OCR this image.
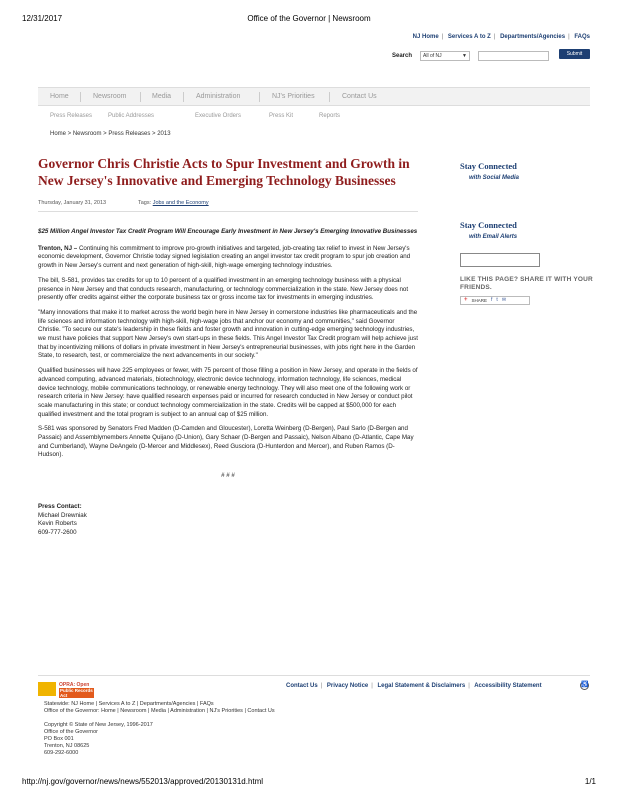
12/31/2017	Office of the Governor | Newsroom
NJ Home | Services A to Z | Departments/Agencies | FAQs
Search	All of NJ	▼	Submit
Home	Newsroom	Media	Administration	NJ's Priorities	Contact Us
Press Releases	Public Addresses	Executive Orders	Press Kit	Reports
Home > Newsroom > Press Releases > 2013
Governor Chris Christie Acts to Spur Investment and Growth in New Jersey's Innovative and Emerging Technology Businesses
Thursday, January 31, 2013	Tags: Jobs and the Economy

$25 Million Angel Investor Tax Credit Program Will Encourage Early Investment in New Jersey's Emerging Innovative Businesses

Trenton, NJ – Continuing his commitment to improve pro-growth initiatives and targeted, job-creating tax relief to invest in New Jersey's economic development, Governor Christie today signed legislation creating an angel investor tax credit program to spur job creation and growth in New Jersey's current and next generation of high-skill, high-wage emerging technology industries.

The bill, S-581, provides tax credits for up to 10 percent of a qualified investment in an emerging technology business with a physical presence in New Jersey and that conducts research, manufacturing, or technology commercialization in the state. New Jersey does not presently offer credits against either the corporate business tax or gross income tax for investments in emerging industries.

"Many innovations that make it to market across the world begin here in New Jersey in cornerstone industries like pharmaceuticals and the life sciences and information technology with high-skill, high-wage jobs that anchor our economy and communities," said Governor Christie. "To secure our state's leadership in these fields and foster growth and innovation in cutting-edge emerging technology industries, we must have policies that support New Jersey's own start-ups in these fields. This Angel Investor Tax Credit program will help achieve just that by incentivizing millions of dollars in private investment in New Jersey's entrepreneurial businesses, with jobs right here in the Garden State, to research, test, or commercialize the next advancements in our society."

Qualified businesses will have 225 employees or fewer, with 75 percent of those filling a position in New Jersey, and operate in the fields of advanced computing, advanced materials, biotechnology, electronic device technology, information technology, life sciences, medical device technology, mobile communications technology, or renewable energy technology. They will also meet one of the following work or research criteria in New Jersey: have qualified research expenses paid or incurred for research conducted in New Jersey or conduct pilot scale manufacturing in this state; or conduct technology commercialization in the state. Credits will be capped at $500,000 for each qualified investment and the total program is subject to an annual cap of $25 million.

S-581 was sponsored by Senators Fred Madden (D-Camden and Gloucester), Loretta Weinberg (D-Bergen), Paul Sarlo (D-Bergen and Passaic) and Assemblymembers Annette Quijano (D-Union), Gary Schaer (D-Bergen and Passaic), Nelson Albano (D-Atlantic, Cape May and Cumberland), Wayne DeAngelo (D-Mercer and Middlesex), Reed Gusciora (D-Hunterdon and Mercer), and Ruben Ramos (D-Hudson).

# # #

Press Contact:

Michael Drewniak
Kevin Roberts
609-777-2600
Stay Connected
with Social Media
Stay Connected
with Email Alerts
LIKE THIS PAGE? SHARE IT WITH YOUR FRIENDS.
+ SHARE f t ✉
OPRA: Open
Public Records Act
Contact Us | Privacy Notice | Legal Statement & Disclaimers | Accessibility Statement	♿
Statewide: NJ Home | Services A to Z | Departments/Agencies | FAQs
Office of the Governor: Home | Newsroom | Media | Administration | NJ's Priorities | Contact Us
Copyright © State of New Jersey, 1996-2017
Office of the Governor
PO Box 001
Trenton, NJ 08625
609-292-6000
http://nj.gov/governor/news/news/552013/approved/20130131d.html	1/1
